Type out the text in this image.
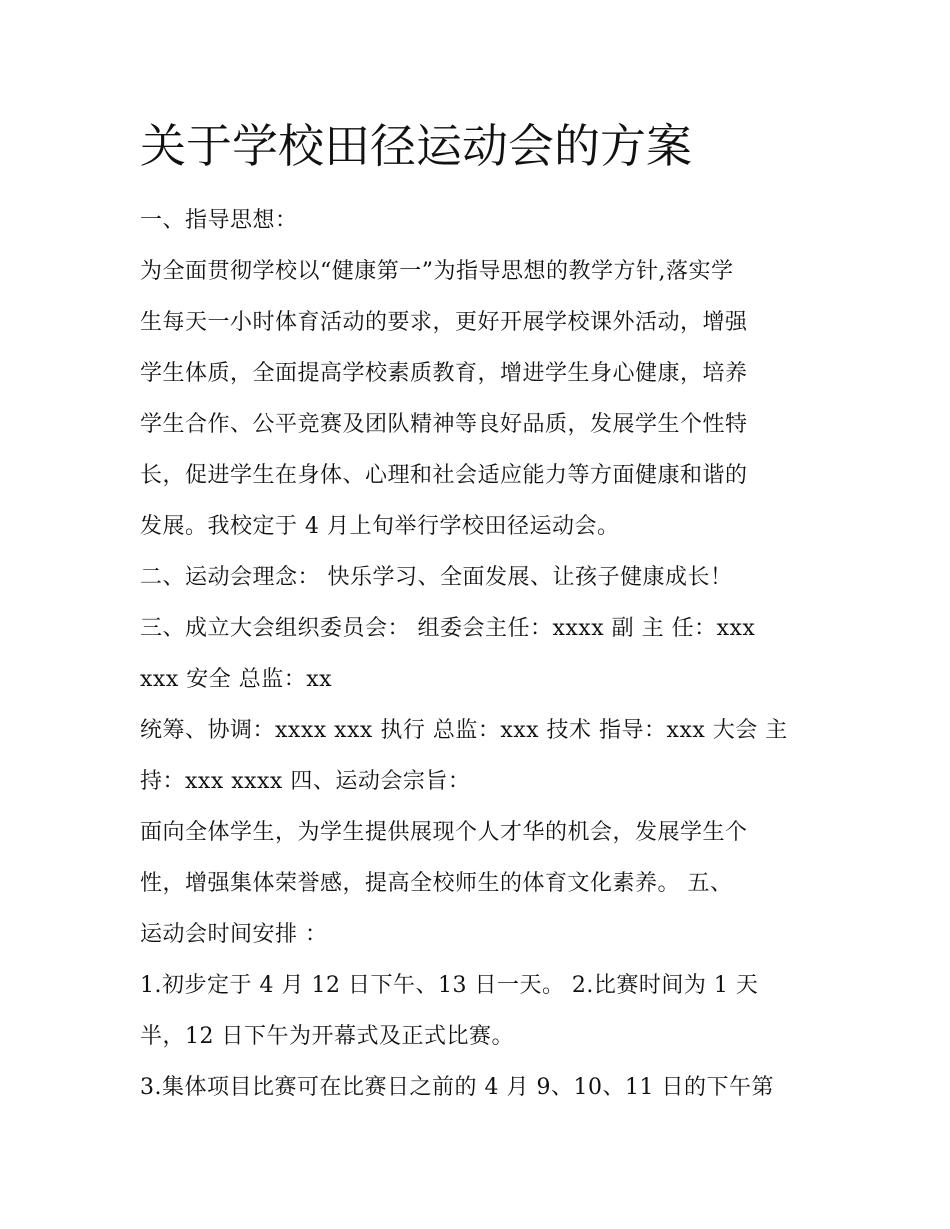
关于学校田径运动会的方案
一、指导思想：
为全面贯彻学校以“健康第一”为指导思想的教学方针,落实学
生每天一小时体育活动的要求，更好开展学校课外活动，增强
学生体质，全面提高学校素质教育，增进学生身心健康，培养
学生合作、公平竞赛及团队精神等良好品质，发展学生个性特
长，促进学生在身体、心理和社会适应能力等方面健康和谐的
发展。我校定于 4 月上旬举行学校田径运动会。
二、运动会理念： 快乐学习、全面发展、让孩子健康成长！
三、成立大会组织委员会： 组委会主任：xxxx 副 主 任：xxx
xxx 安全 总监：xx
统筹、协调：xxxx xxx 执行 总监：xxx 技术 指导：xxx 大会 主
持：xxx xxxx 四、运动会宗旨：
面向全体学生，为学生提供展现个人才华的机会，发展学生个
性，增强集体荣誉感，提高全校师生的体育文化素养。 五、
运动会时间安排 ：
1.初步定于 4 月 12 日下午、13 日一天。 2.比赛时间为 1 天
半，12 日下午为开幕式及正式比赛。
3.集体项目比赛可在比赛日之前的 4 月 9、10、11 日的下午第
